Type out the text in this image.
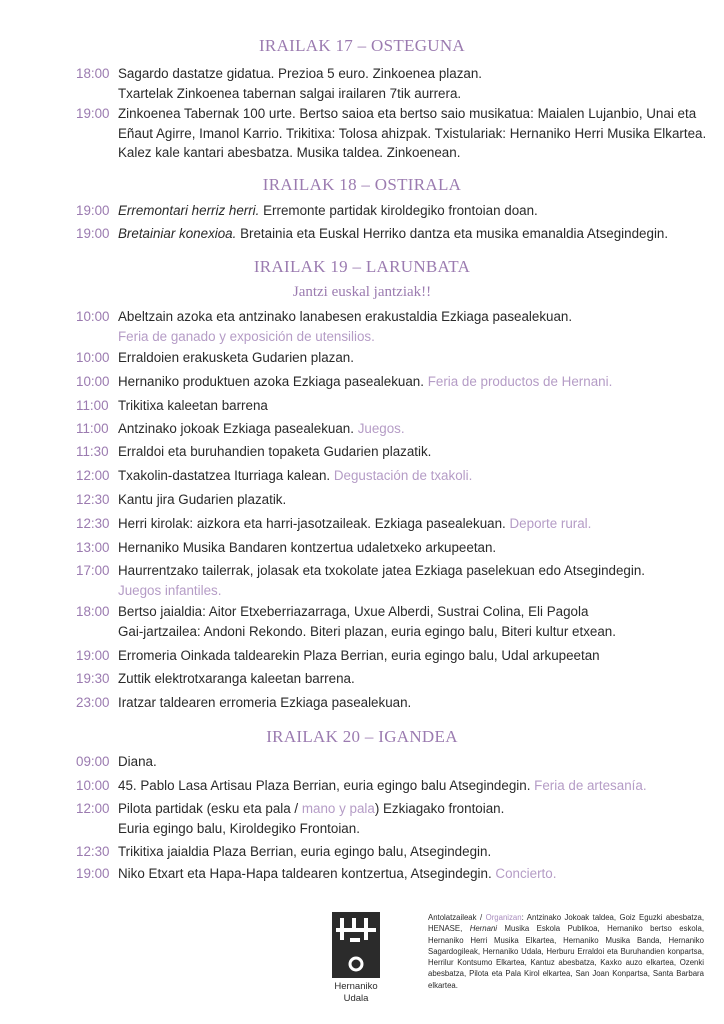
IRAILAK 17 – OSTEGUNA
18:00 Sagardo dastatze gidatua. Prezioa 5 euro. Zinkoenea plazan.
Txartelak Zinkoenea tabernan salgai irailaren 7tik aurrera.
19:00 Zinkoenea Tabernak 100 urte. Bertso saioa eta bertso saio musikatua: Maialen Lujanbio, Unai eta
Eñaut Agirre, Imanol Karrio. Trikitixa: Tolosa ahizpak. Txistulariak: Hernaniko Herri Musika Elkartea.
Kalez kale kantari abesbatza. Musika taldea. Zinkoenean.
IRAILAK 18 – OSTIRALA
19:00 Erremontari herriz herri. Erremonte partidak kiroldegiko frontoian doan.
19:00 Bretainiar konexioa. Bretainia eta Euskal Herriko dantza eta musika emanaldia Atsegindegin.
IRAILAK 19 – LARUNBATA
Jantzi euskal jantziak!!
10:00 Abeltzain azoka eta antzinako lanabesen erakustaldia Ezkiaga pasealekuan.
Feria de ganado y exposición de utensilios.
10:00 Erraldoien erakusketa Gudarien plazan.
10:00 Hernaniko produktuen azoka Ezkiaga pasealekuan. Feria de productos de Hernani.
11:00 Trikitixa kaleetan barrena
11:00 Antzinako jokoak Ezkiaga pasealekuan. Juegos.
11:30 Erraldoi eta buruhandien topaketa Gudarien plazatik.
12:00 Txakolin-dastatzea Iturriaga kalean. Degustación de txakoli.
12:30 Kantu jira Gudarien plazatik.
12:30 Herri kirolak: aizkora eta harri-jasotzaileak. Ezkiaga pasealekuan. Deporte rural.
13:00 Hernaniko Musika Bandaren kontzertua udaletxeko arkupeetan.
17:00 Haurrentzako tailerrak, jolasak eta txokolate jatea Ezkiaga paselekuan edo Atsegindegin.
Juegos infantiles.
18:00 Bertso jaialdia: Aitor Etxeberriazarraga, Uxue Alberdi, Sustrai Colina, Eli Pagola
Gai-jartzailea: Andoni Rekondo. Biteri plazan, euria egingo balu, Biteri kultur etxean.
19:00 Erromeria Oinkada taldearekin Plaza Berrian, euria egingo balu, Udal arkupeetan
19:30 Zuttik elektrotxaranga kaleetan barrena.
23:00 Iratzar taldearen erromeria Ezkiaga pasealekuan.
IRAILAK 20 – IGANDEA
09:00 Diana.
10:00 45. Pablo Lasa Artisau Plaza Berrian, euria egingo balu Atsegindegin. Feria de artesanía.
12:00 Pilota partidak (esku eta pala / mano y pala) Ezkiagako frontoian.
Euria egingo balu, Kiroldegiko Frontoian.
12:30 Trikitixa jaialdia Plaza Berrian, euria egingo balu, Atsegindegin.
19:00 Niko Etxart eta Hapa-Hapa taldearen kontzertua, Atsegindegin. Concierto.
Hernaniko
Udala
Antolatzaileak / Organizan: Antzinako Jokoak taldea, Goiz Eguzki abesbatza, HENASE, Hernani Musika Eskola Publikoa, Hernaniko bertso eskola, Hernaniko Herri Musika Elkartea, Hernaniko Musika Banda, Hernaniko Sagardogileak, Hernaniko Udala, Herburu Erraldoi eta Buruhandien konpartsa, Herrilur Kontsumo Elkartea, Kantuz abesbatza, Kaxko auzo elkartea, Ozenki abesbatza, Pilota eta Pala Kirol elkartea, San Joan Konpartsa, Santa Barbara elkartea.
